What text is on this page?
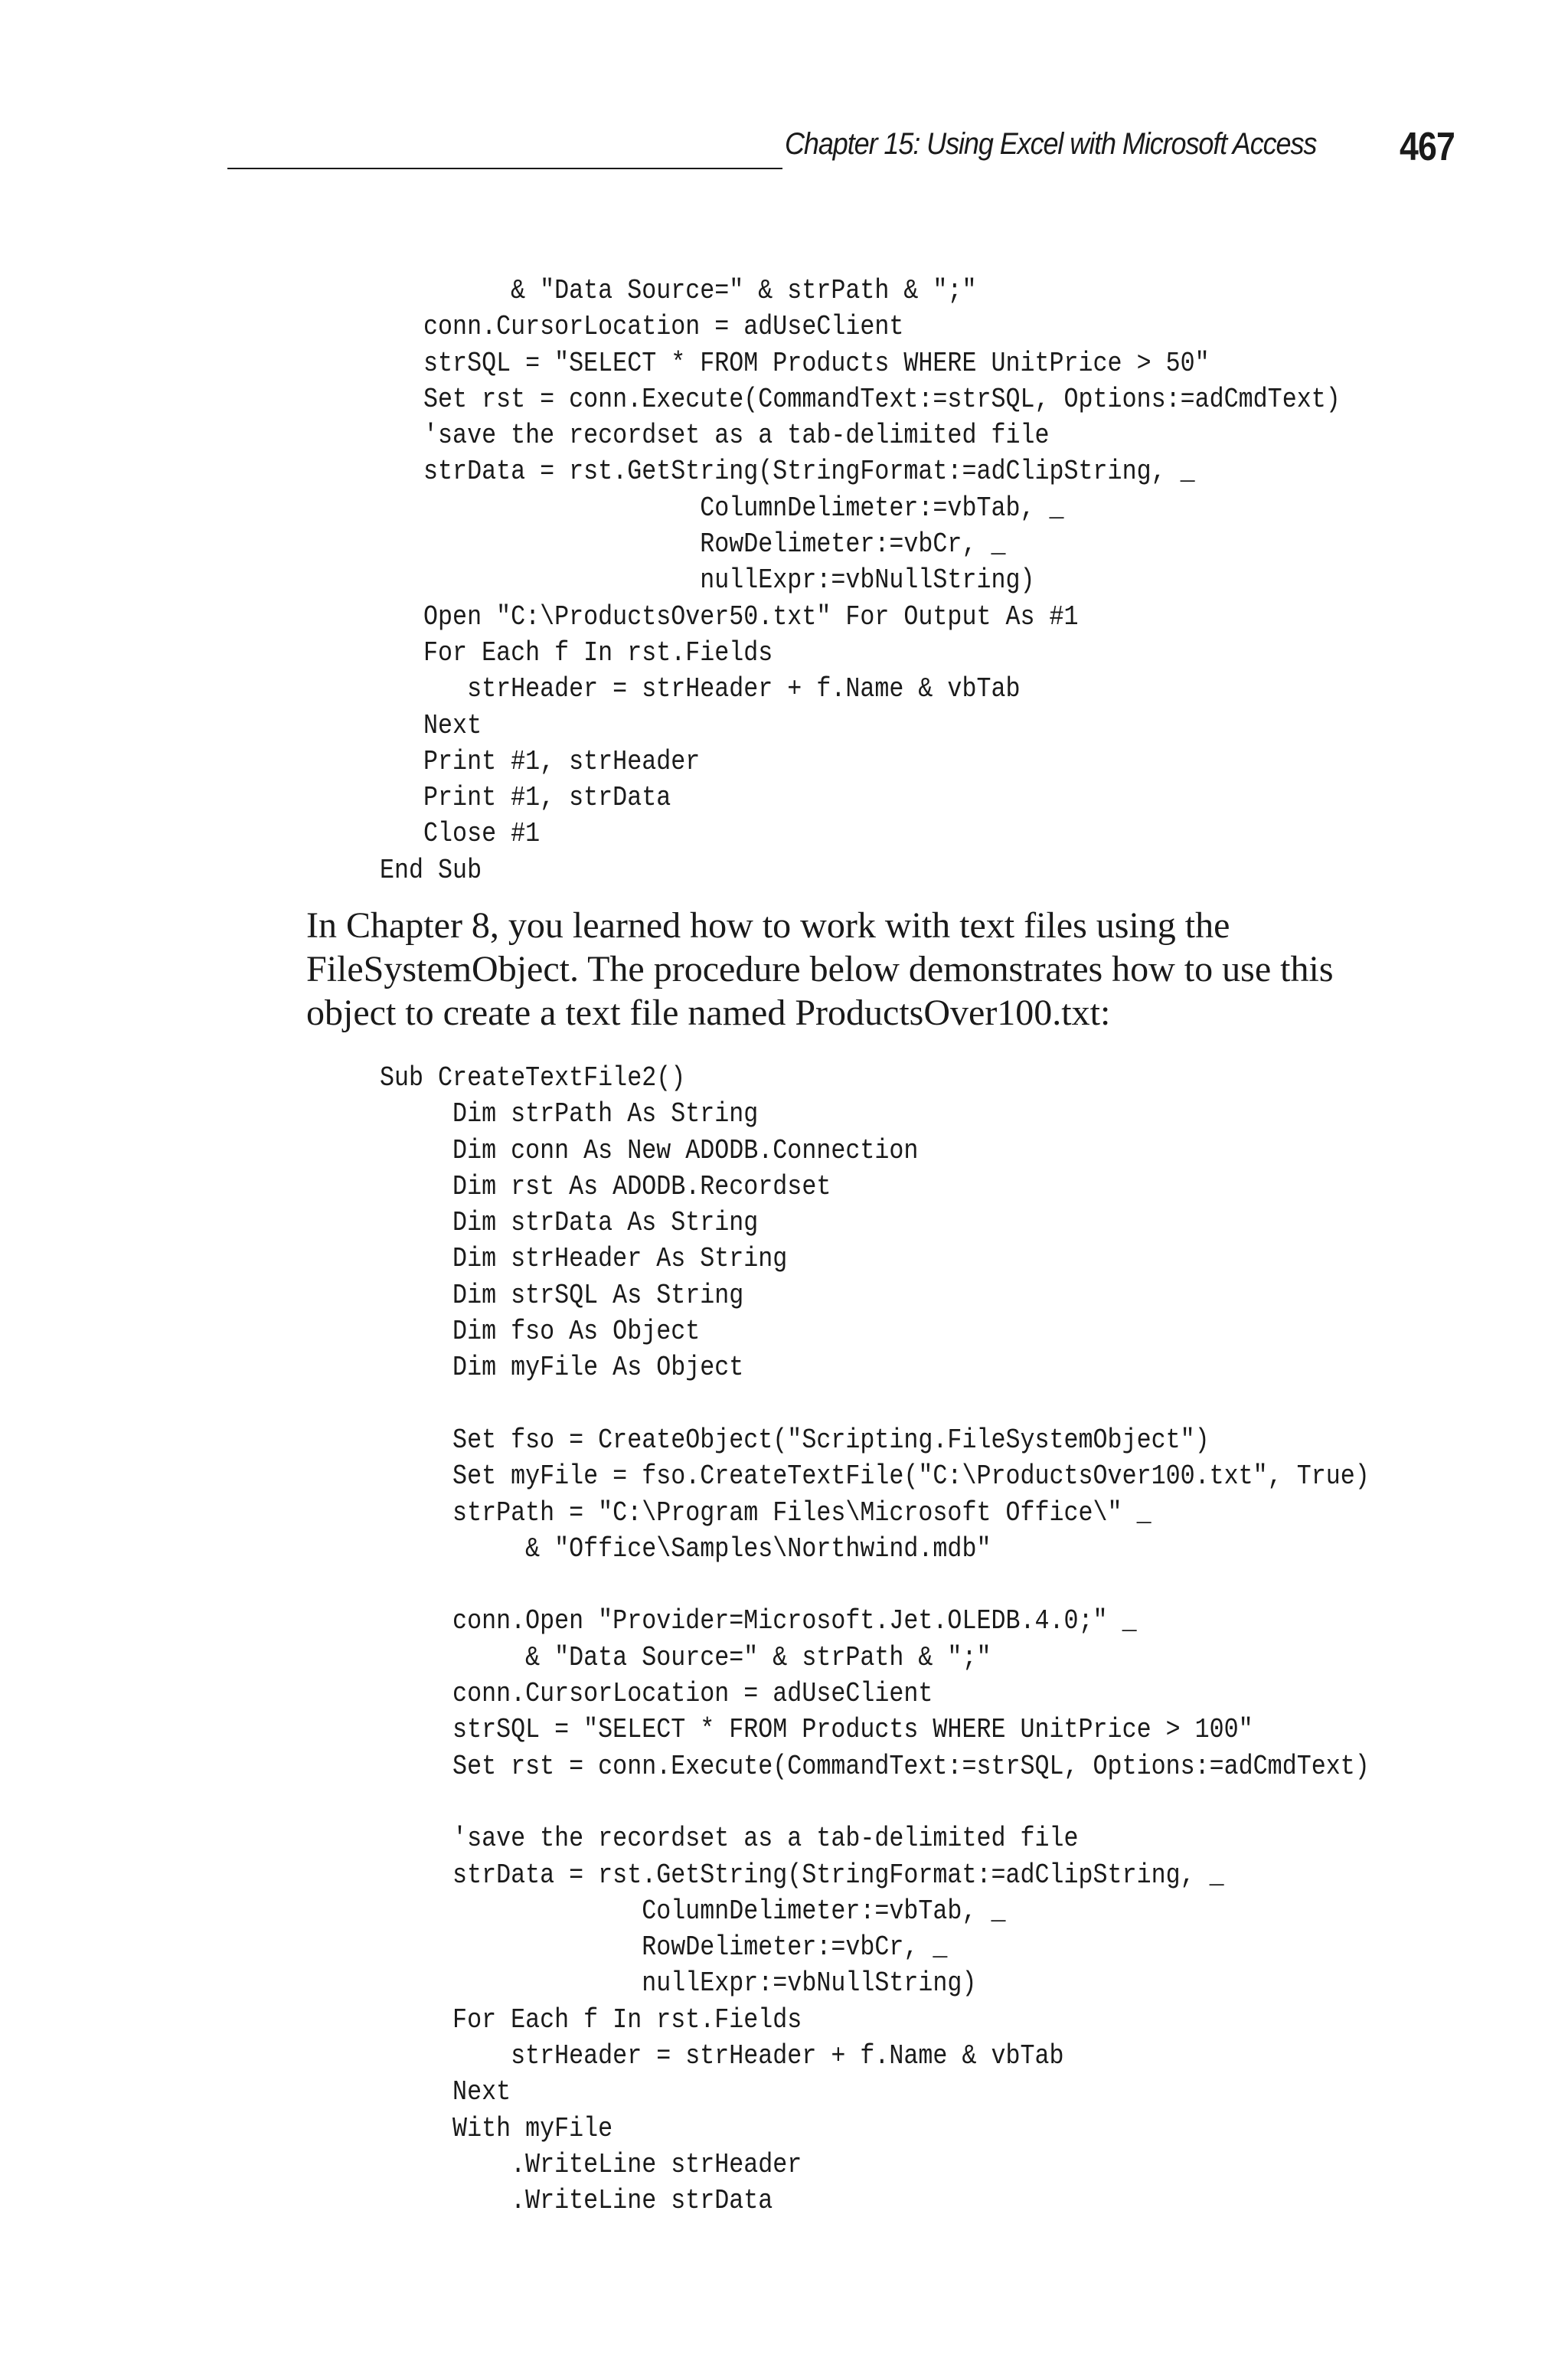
Chapter 15: Using Excel with Microsoft Access 467
& "Data Source=" & strPath & ";"
conn.CursorLocation = adUseClient
strSQL = "SELECT * FROM Products WHERE UnitPrice > 50"
Set rst = conn.Execute(CommandText:=strSQL, Options:=adCmdText)
'save the recordset as a tab-delimited file
strData = rst.GetString(StringFormat:=adClipString, _
ColumnDelimeter:=vbTab, _
RowDelimeter:=vbCr, _
nullExpr:=vbNullString)
Open "C:\ProductsOver50.txt" For Output As #1
For Each f In rst.Fields
strHeader = strHeader + f.Name & vbTab
Next
Print #1, strHeader
Print #1, strData
Close #1
End Sub

In Chapter 8, you learned how to work with text files using the
FileSystemObject. The procedure below demonstrates how to use this
object to create a text file named ProductsOver100.txt:

Sub CreateTextFile2()
Dim strPath As String
Dim conn As New ADODB.Connection
Dim rst As ADODB.Recordset
Dim strData As String
Dim strHeader As String
Dim strSQL As String
Dim fso As Object
Dim myFile As Object

Set fso = CreateObject("Scripting.FileSystemObject")
Set myFile = fso.CreateTextFile("C:\ProductsOver100.txt", True)
strPath = "C:\Program Files\Microsoft Office\" _
& "Office\Samples\Northwind.mdb"

conn.Open "Provider=Microsoft.Jet.OLEDB.4.0;" _
& "Data Source=" & strPath & ";"
conn.CursorLocation = adUseClient
strSQL = "SELECT * FROM Products WHERE UnitPrice > 100"
Set rst = conn.Execute(CommandText:=strSQL, Options:=adCmdText)

'save the recordset as a tab-delimited file
strData = rst.GetString(StringFormat:=adClipString, _
ColumnDelimeter:=vbTab, _
RowDelimeter:=vbCr, _
nullExpr:=vbNullString)
For Each f In rst.Fields
strHeader = strHeader + f.Name & vbTab
Next
With myFile
.WriteLine strHeader
.WriteLine strData
